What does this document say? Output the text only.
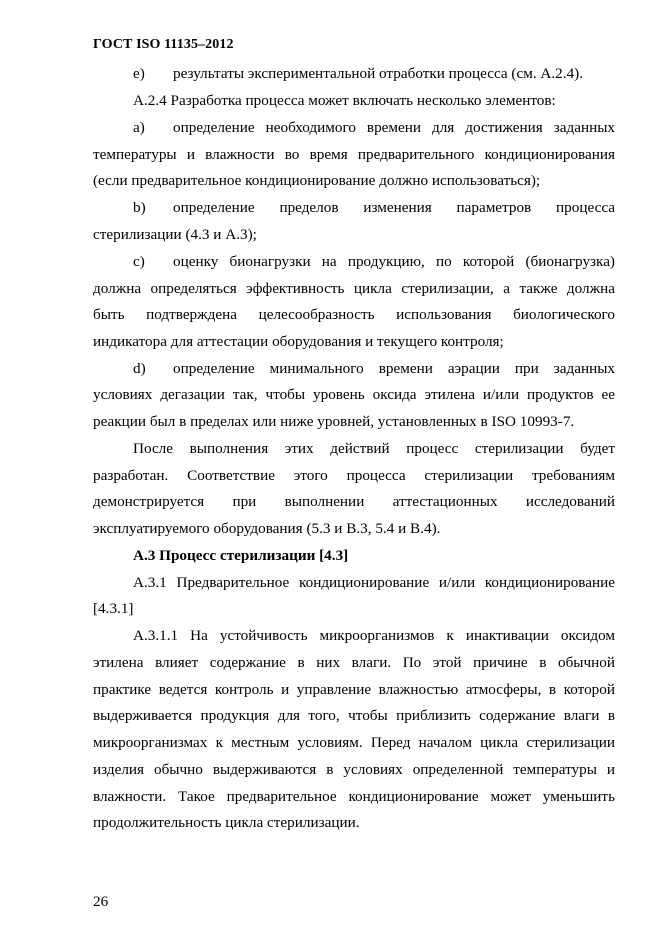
ГОСТ ISO 11135–2012
e) результаты экспериментальной отработки процесса (см. А.2.4).
А.2.4 Разработка процесса может включать несколько элементов:
a) определение необходимого времени для достижения заданных
температуры и влажности во время предварительного кондиционирования
(если предварительное кондиционирование должно использоваться);
b) определение пределов изменения параметров процесса
стерилизации (4.3 и А.3);
c) оценку бионагрузки на продукцию, по которой (бионагрузка)
должна определяться эффективность цикла стерилизации, а также должна
быть подтверждена целесообразность использования биологического
индикатора для аттестации оборудования и текущего контроля;
d) определение минимального времени аэрации при заданных
условиях дегазации так, чтобы уровень оксида этилена и/или продуктов ее
реакции был в пределах или ниже уровней, установленных в ISO 10993-7.
После выполнения этих действий процесс стерилизации будет
разработан. Соответствие этого процесса стерилизации требованиям
демонстрируется при выполнении аттестационных исследований
эксплуатируемого оборудования (5.3 и В.3, 5.4 и В.4).
А.3 Процесс стерилизации [4.3]
А.3.1 Предварительное кондиционирование и/или кондиционирование
[4.3.1]
А.3.1.1 На устойчивость микроорганизмов к инактивации оксидом
этилена влияет содержание в них влаги. По этой причине в обычной
практике ведется контроль и управление влажностью атмосферы, в которой
выдерживается продукция для того, чтобы приблизить содержание влаги в
микроорганизмах к местным условиям. Перед началом цикла стерилизации
изделия обычно выдерживаются в условиях определенной температуры и
влажности. Такое предварительное кондиционирование может уменьшить
продолжительность цикла стерилизации.
26
